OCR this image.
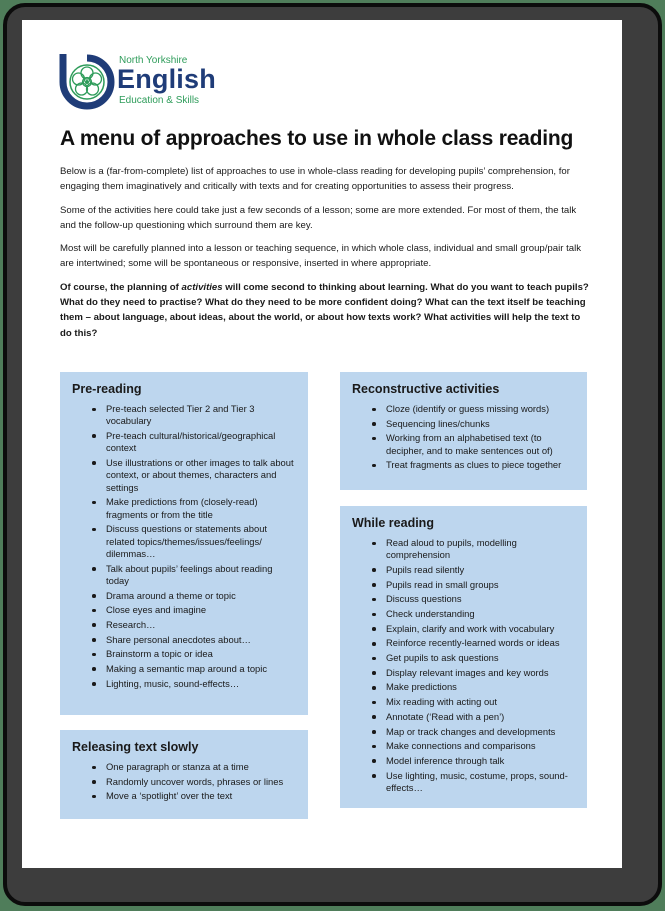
North Yorkshire
English
Education & Skills
A menu of approaches to use in whole class reading

Below is a (far-from-complete) list of approaches to use in whole-class reading for developing pupils’ comprehension, for engaging them imaginatively and critically with texts and for creating opportunities to assess their progress.

Some of the activities here could take just a few seconds of a lesson; some are more extended. For most of them, the talk and the follow-up questioning which surround them are key.

Most will be carefully planned into a lesson or teaching sequence, in which whole class, individual and small group/pair talk are intertwined; some will be spontaneous or responsive, inserted in where appropriate.

Of course, the planning of activities will come second to thinking about learning. What do you want to teach pupils? What do they need to practise? What do they need to be more confident doing? What can the text itself be teaching them – about language, about ideas, about the world, or about how texts work? What activities will help the text to do this?

Pre-reading
Pre-teach selected Tier 2 and Tier 3 vocabulary
Pre-teach cultural/historical/geographical context
Use illustrations or other images to talk about context, or about themes, characters and settings
Make predictions from (closely-read) fragments or from the title
Discuss questions or statements about related topics/themes/issues/feelings/ dilemmas…
Talk about pupils’ feelings about reading today
Drama around a theme or topic
Close eyes and imagine
Research…
Share personal anecdotes about…
Brainstorm a topic or idea
Making a semantic map around a topic
Lighting, music, sound-effects…
Releasing text slowly
One paragraph or stanza at a time
Randomly uncover words, phrases or lines
Move a ‘spotlight’ over the text
Reconstructive activities
Cloze (identify or guess missing words)
Sequencing lines/chunks
Working from an alphabetised text (to decipher, and to make sentences out of)
Treat fragments as clues to piece together
While reading
Read aloud to pupils, modelling comprehension
Pupils read silently
Pupils read in small groups
Discuss questions
Check understanding
Explain, clarify and work with vocabulary
Reinforce recently-learned words or ideas
Get pupils to ask questions
Display relevant images and key words
Make predictions
Mix reading with acting out
Annotate (‘Read with a pen’)
Map or track changes and developments
Make connections and comparisons
Model inference through talk
Use lighting, music, costume, props, sound-effects…
